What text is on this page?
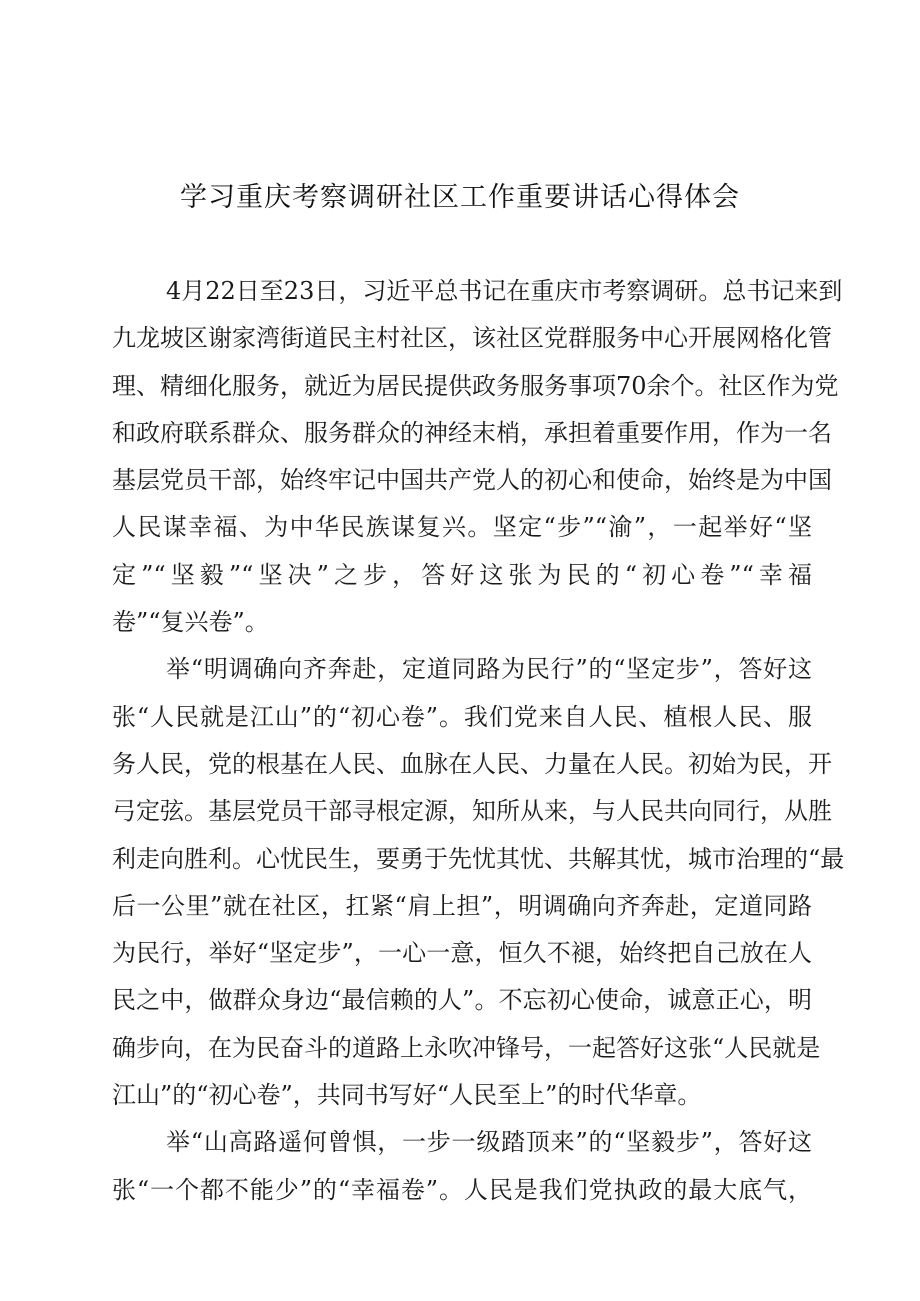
学习重庆考察调研社区工作重要讲话心得体会
4月22日至23日，习近平总书记在重庆市考察调研。总书记来到
九龙坡区谢家湾街道民主村社区，该社区党群服务中心开展网格化管
理、精细化服务，就近为居民提供政务服务事项70余个。社区作为党
和政府联系群众、服务群众的神经末梢，承担着重要作用，作为一名
基层党员干部，始终牢记中国共产党人的初心和使命，始终是为中国
人民谋幸福、为中华民族谋复兴。坚定“步”“渝”，一起举好“坚
定”“坚毅”“坚决”之步，答好这张为民的“初心卷”“幸福
卷”“复兴卷”。
举“明调确向齐奔赴，定道同路为民行”的“坚定步”，答好这
张“人民就是江山”的“初心卷”。我们党来自人民、植根人民、服
务人民，党的根基在人民、血脉在人民、力量在人民。初始为民，开
弓定弦。基层党员干部寻根定源，知所从来，与人民共向同行，从胜
利走向胜利。心忧民生，要勇于先忧其忧、共解其忧，城市治理的“最
后一公里”就在社区，扛紧“肩上担”，明调确向齐奔赴，定道同路
为民行，举好“坚定步”，一心一意，恒久不褪，始终把自己放在人
民之中，做群众身边“最信赖的人”。不忘初心使命，诚意正心，明
确步向，在为民奋斗的道路上永吹冲锋号，一起答好这张“人民就是
江山”的“初心卷”，共同书写好“人民至上”的时代华章。
举“山高路遥何曾惧，一步一级踏顶来”的“坚毅步”，答好这
张“一个都不能少”的“幸福卷”。人民是我们党执政的最大底气，
